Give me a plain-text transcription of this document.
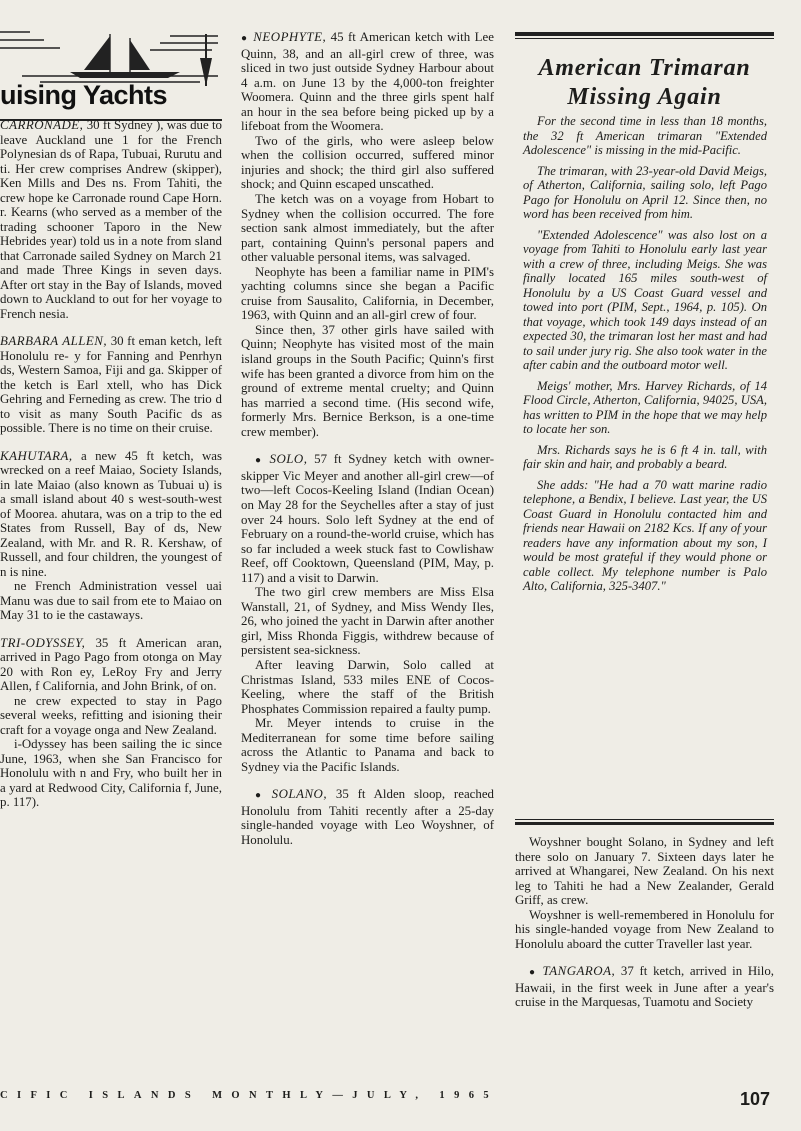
uising Yachts

CARRONADE, 30 ft Sydney ), was due to leave Auckland une 1 for the French Polynesian ds of Rapa, Tubuai, Rurutu and ti. Her crew comprises Andrew (skipper), Ken Mills and Des ns. From Tahiti, the crew hope ke Carronade round Cape Horn. r. Kearns (who served as a member of the trading schooner Taporo in the New Hebrides year) told us in a note from sland that Carronade sailed Sydney on March 21 and made Three Kings in seven days. After ort stay in the Bay of Islands, moved down to Auckland to out for her voyage to French nesia.

BARBARA ALLEN, 30 ft eman ketch, left Honolulu re- y for Fanning and Penrhyn ds, Western Samoa, Fiji and ga. Skipper of the ketch is Earl xtell, who has Dick Gehring and Ferneding as crew. The trio d to visit as many South Pacific ds as possible. There is no time on their cruise.

KAHUTARA, a new 45 ft ketch, was wrecked on a reef Maiao, Society Islands, in late Maiao (also known as Tubuai u) is a small island about 40 s west-south-west of Moorea. ahutara, was on a trip to the ed States from Russell, Bay of ds, New Zealand, with Mr. and R. R. Kershaw, of Russell, and four children, the youngest of n is nine.

ne French Administration vessel uai Manu was due to sail from ete to Maiao on May 31 to ie the castaways.

TRI-ODYSSEY, 35 ft American aran, arrived in Pago Pago from otonga on May 20 with Ron ey, LeRoy Fry and Jerry Allen, f California, and John Brink, of on.

ne crew expected to stay in Pago several weeks, refitting and isioning their craft for a voyage onga and New Zealand.

i-Odyssey has been sailing the ic since June, 1963, when she San Francisco for Honolulu with n and Fry, who built her in a yard at Redwood City, California f, June, p. 117).

● NEOPHYTE, 45 ft American ketch with Lee Quinn, 38, and an all-girl crew of three, was sliced in two just outside Sydney Harbour about 4 a.m. on June 13 by the 4,000-ton freighter Woomera. Quinn and the three girls spent half an hour in the sea before being picked up by a lifeboat from the Woomera.

Two of the girls, who were asleep below when the collision occurred, suffered minor injuries and shock; the third girl also suffered shock; and Quinn escaped unscathed.

The ketch was on a voyage from Hobart to Sydney when the collision occurred. The fore section sank almost immediately, but the after part, containing Quinn's personal papers and other valuable personal items, was salvaged.

Neophyte has been a familiar name in PIM's yachting columns since she began a Pacific cruise from Sausalito, California, in December, 1963, with Quinn and an all-girl crew of four.

Since then, 37 other girls have sailed with Quinn; Neophyte has visited most of the main island groups in the South Pacific; Quinn's first wife has been granted a divorce from him on the ground of extreme mental cruelty; and Quinn has married a second time. (His second wife, formerly Mrs. Bernice Berkson, is a one-time crew member).

● SOLO, 57 ft Sydney ketch with owner-skipper Vic Meyer and another all-girl crew—of two—left Cocos-Keeling Island (Indian Ocean) on May 28 for the Seychelles after a stay of just over 24 hours. Solo left Sydney at the end of February on a round-the-world cruise, which has so far included a week stuck fast to Cowlishaw Reef, off Cooktown, Queensland (PIM, May, p. 117) and a visit to Darwin.

The two girl crew members are Miss Elsa Wanstall, 21, of Sydney, and Miss Wendy Iles, 26, who joined the yacht in Darwin after another girl, Miss Rhonda Figgis, withdrew because of persistent sea-sickness.

After leaving Darwin, Solo called at Christmas Island, 533 miles ENE of Cocos-Keeling, where the staff of the British Phosphates Commission repaired a faulty pump.

Mr. Meyer intends to cruise in the Mediterranean for some time before sailing across the Atlantic to Panama and back to Sydney via the Pacific Islands.

● SOLANO, 35 ft Alden sloop, reached Honolulu from Tahiti recently after a 25-day single-handed voyage with Leo Woyshner, of Honolulu.

American Trimaran Missing Again

For the second time in less than 18 months, the 32 ft American trimaran "Extended Adolescence" is missing in the mid-Pacific.

The trimaran, with 23-year-old David Meigs, of Atherton, California, sailing solo, left Pago Pago for Honolulu on April 12. Since then, no word has been received from him.

"Extended Adolescence" was also lost on a voyage from Tahiti to Honolulu early last year with a crew of three, including Meigs. She was finally located 165 miles south-west of Honolulu by a US Coast Guard vessel and towed into port (PIM, Sept., 1964, p. 105). On that voyage, which took 149 days instead of an expected 30, the trimaran lost her mast and had to sail under jury rig. She also took water in the after cabin and the outboard motor well.

Meigs' mother, Mrs. Harvey Richards, of 14 Flood Circle, Atherton, California, 94025, USA, has written to PIM in the hope that we may help to locate her son.

Mrs. Richards says he is 6 ft 4 in. tall, with fair skin and hair, and probably a beard.

She adds: "He had a 70 watt marine radio telephone, a Bendix, I believe. Last year, the US Coast Guard in Honolulu contacted him and friends near Hawaii on 2182 Kcs. If any of your readers have any information about my son, I would be most grateful if they would phone or cable collect. My telephone number is Palo Alto, California, 325-3407."

Woyshner bought Solano, in Sydney and left there solo on January 7. Sixteen days later he arrived at Whangarei, New Zealand. On his next leg to Tahiti he had a New Zealander, Gerald Griff, as crew.

Woyshner is well-remembered in Honolulu for his single-handed voyage from New Zealand to Honolulu aboard the cutter Traveller last year.

● TANGAROA, 37 ft ketch, arrived in Hilo, Hawaii, in the first week in June after a year's cruise in the Marquesas, Tuamotu and Society

CIFIC ISLANDS MONTHLY—JULY, 1965	107
